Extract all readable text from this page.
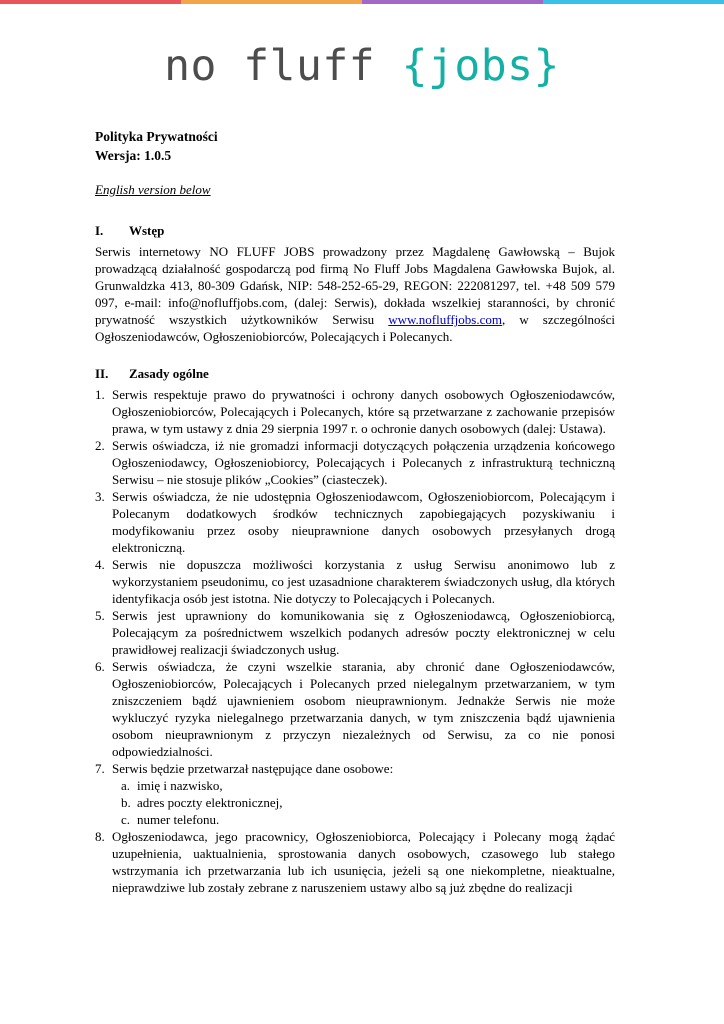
no fluff {jobs}
Polityka Prywatności
Wersja: 1.0.5
English version below
I. Wstęp
Serwis internetowy NO FLUFF JOBS prowadzony przez Magdalenę Gawłowską – Bujok prowadzącą działalność gospodarczą pod firmą No Fluff Jobs Magdalena Gawłowska Bujok, al. Grunwaldzka 413, 80-309 Gdańsk, NIP: 548-252-65-29, REGON: 222081297, tel. +48 509 579 097, e-mail: info@nofluffjobs.com, (dalej: Serwis), dokłada wszelkiej staranności, by chronić prywatność wszystkich użytkowników Serwisu www.nofluffjobs.com, w szczególności Ogłoszeniodawców, Ogłoszeniobiorców, Polecających i Polecanych.
II. Zasady ogólne
1. Serwis respektuje prawo do prywatności i ochrony danych osobowych Ogłoszeniodawców, Ogłoszeniobiorców, Polecających i Polecanych, które są przetwarzane z zachowanie przepisów prawa, w tym ustawy z dnia 29 sierpnia 1997 r. o ochronie danych osobowych (dalej: Ustawa).
2. Serwis oświadcza, iż nie gromadzi informacji dotyczących połączenia urządzenia końcowego Ogłoszeniodawcy, Ogłoszeniobiorcy, Polecających i Polecanych z infrastrukturą techniczną Serwisu – nie stosuje plików „Cookies” (ciasteczek).
3. Serwis oświadcza, że nie udostępnia Ogłoszeniodawcom, Ogłoszeniobiorcom, Polecającym i Polecanym dodatkowych środków technicznych zapobiegających pozyskiwaniu i modyfikowaniu przez osoby nieuprawnione danych osobowych przesyłanych drogą elektroniczną.
4. Serwis nie dopuszcza możliwości korzystania z usług Serwisu anonimowo lub z wykorzystaniem pseudonimu, co jest uzasadnione charakterem świadczonych usług, dla których identyfikacja osób jest istotna. Nie dotyczy to Polecających i Polecanych.
5. Serwis jest uprawniony do komunikowania się z Ogłoszeniodawcą, Ogłoszeniobiorcą, Polecającym za pośrednictwem wszelkich podanych adresów poczty elektronicznej w celu prawidłowej realizacji świadczonych usług.
6. Serwis oświadcza, że czyni wszelkie starania, aby chronić dane Ogłoszeniodawców, Ogłoszeniobiorców, Polecających i Polecanych przed nielegalnym przetwarzaniem, w tym zniszczeniem bądź ujawnieniem osobom nieuprawnionym. Jednakże Serwis nie może wykluczyć ryzyka nielegalnego przetwarzania danych, w tym zniszczenia bądź ujawnienia osobom nieuprawnionym z przyczyn niezależnych od Serwisu, za co nie ponosi odpowiedzialności.
7. Serwis będzie przetwarzał następujące dane osobowe:
a. imię i nazwisko,
b. adres poczty elektronicznej,
c. numer telefonu.
8. Ogłoszeniodawca, jego pracownicy, Ogłoszeniobiorca, Polecający i Polecany mogą żądać uzupełnienia, uaktualnienia, sprostowania danych osobowych, czasowego lub stałego wstrzymania ich przetwarzania lub ich usunięcia, jeżeli są one niekompletne, nieaktualne, nieprawdziwe lub zostały zebrane z naruszeniem ustawy albo są już zbędne do realizacji
